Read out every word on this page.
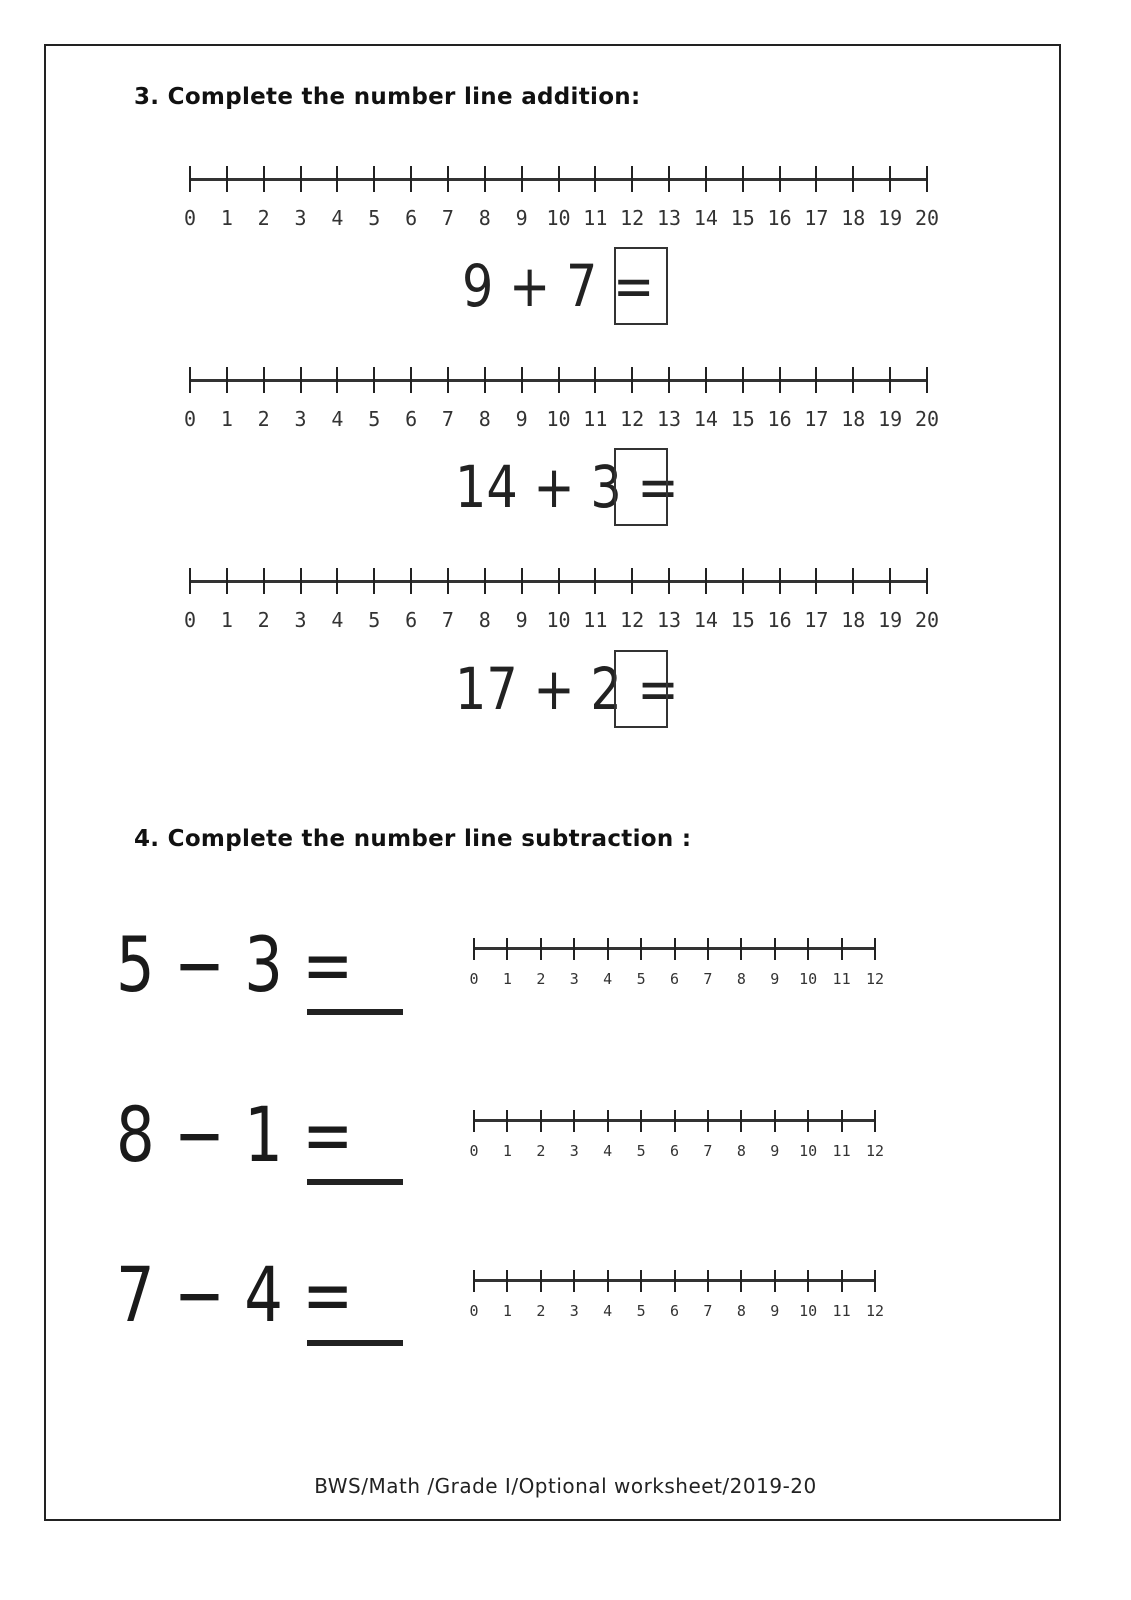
3. Complete the number line addition:
0 1 2 3 4 5 6 7 8 9 10 11 12 13 14 15 16 17 18 19 20
9 + 7 =
0 1 2 3 4 5 6 7 8 9 10 11 12 13 14 15 16 17 18 19 20
14 + 3 =
0 1 2 3 4 5 6 7 8 9 10 11 12 13 14 15 16 17 18 19 20
17 + 2 =
4. Complete the number line subtraction :
5 − 3 =	0 1 2 3 4 5 6 7 8 9 10 11 12
8 − 1 =	0 1 2 3 4 5 6 7 8 9 10 11 12
7 − 4 =	0 1 2 3 4 5 6 7 8 9 10 11 12
BWS/Math /Grade I/Optional worksheet/2019-20
